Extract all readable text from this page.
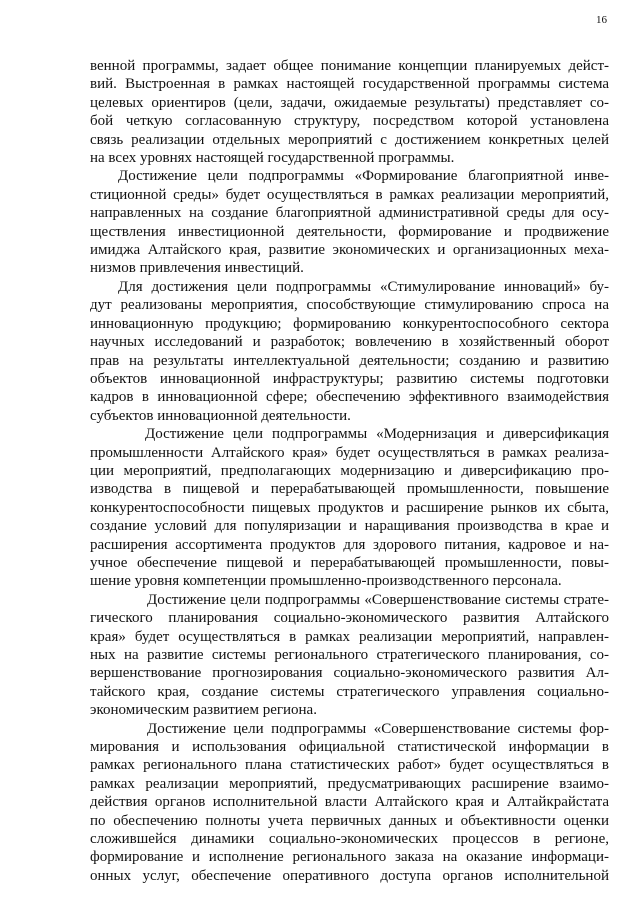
16
венной программы, задает общее понимание концепции планируемых дейст-
вий. Выстроенная в рамках настоящей государственной программы система
целевых ориентиров (цели, задачи, ожидаемые результаты) представляет со-
бой четкую согласованную структуру, посредством которой установлена
связь реализации отдельных мероприятий с достижением конкретных целей
на всех уровнях настоящей государственной программы.
Достижение цели подпрограммы «Формирование благоприятной инве-
стиционной среды» будет осуществляться в рамках реализации мероприятий,
направленных на создание благоприятной административной среды для осу-
ществления инвестиционной деятельности, формирование и продвижение
имиджа Алтайского края, развитие экономических и организационных меха-
низмов привлечения инвестиций.
Для достижения цели подпрограммы «Стимулирование инноваций» бу-
дут реализованы мероприятия, способствующие стимулированию спроса на
инновационную продукцию; формированию конкурентоспособного сектора
научных исследований и разработок; вовлечению в хозяйственный оборот
прав на результаты интеллектуальной деятельности; созданию и развитию
объектов инновационной инфраструктуры; развитию системы подготовки
кадров в инновационной сфере; обеспечению эффективного взаимодействия
субъектов инновационной деятельности.
Достижение цели подпрограммы «Модернизация и диверсификация
промышленности Алтайского края» будет осуществляться в рамках реализа-
ции мероприятий, предполагающих модернизацию и диверсификацию про-
изводства в пищевой и перерабатывающей промышленности, повышение
конкурентоспособности пищевых продуктов и расширение рынков их сбыта,
создание условий для популяризации и наращивания производства в крае и
расширения ассортимента продуктов для здорового питания, кадровое и на-
учное обеспечение пищевой и перерабатывающей промышленности, повы-
шение уровня компетенции промышленно-производственного персонала.
Достижение цели подпрограммы «Совершенствование системы страте-
гического планирования социально-экономического развития Алтайского
края» будет осуществляться в рамках реализации мероприятий, направлен-
ных на развитие системы регионального стратегического планирования, со-
вершенствование прогнозирования социально-экономического развития Ал-
тайского края, создание системы стратегического управления социально-
экономическим развитием региона.
Достижение цели подпрограммы «Совершенствование системы фор-
мирования и использования официальной статистической информации в
рамках регионального плана статистических работ» будет осуществляться в
рамках реализации мероприятий, предусматривающих расширение взаимо-
действия органов исполнительной власти Алтайского края и Алтайкрайстата
по обеспечению полноты учета первичных данных и объективности оценки
сложившейся динамики социально-экономических процессов в регионе,
формирование и исполнение регионального заказа на оказание информаци-
онных услуг, обеспечение оперативного доступа органов исполнительной
